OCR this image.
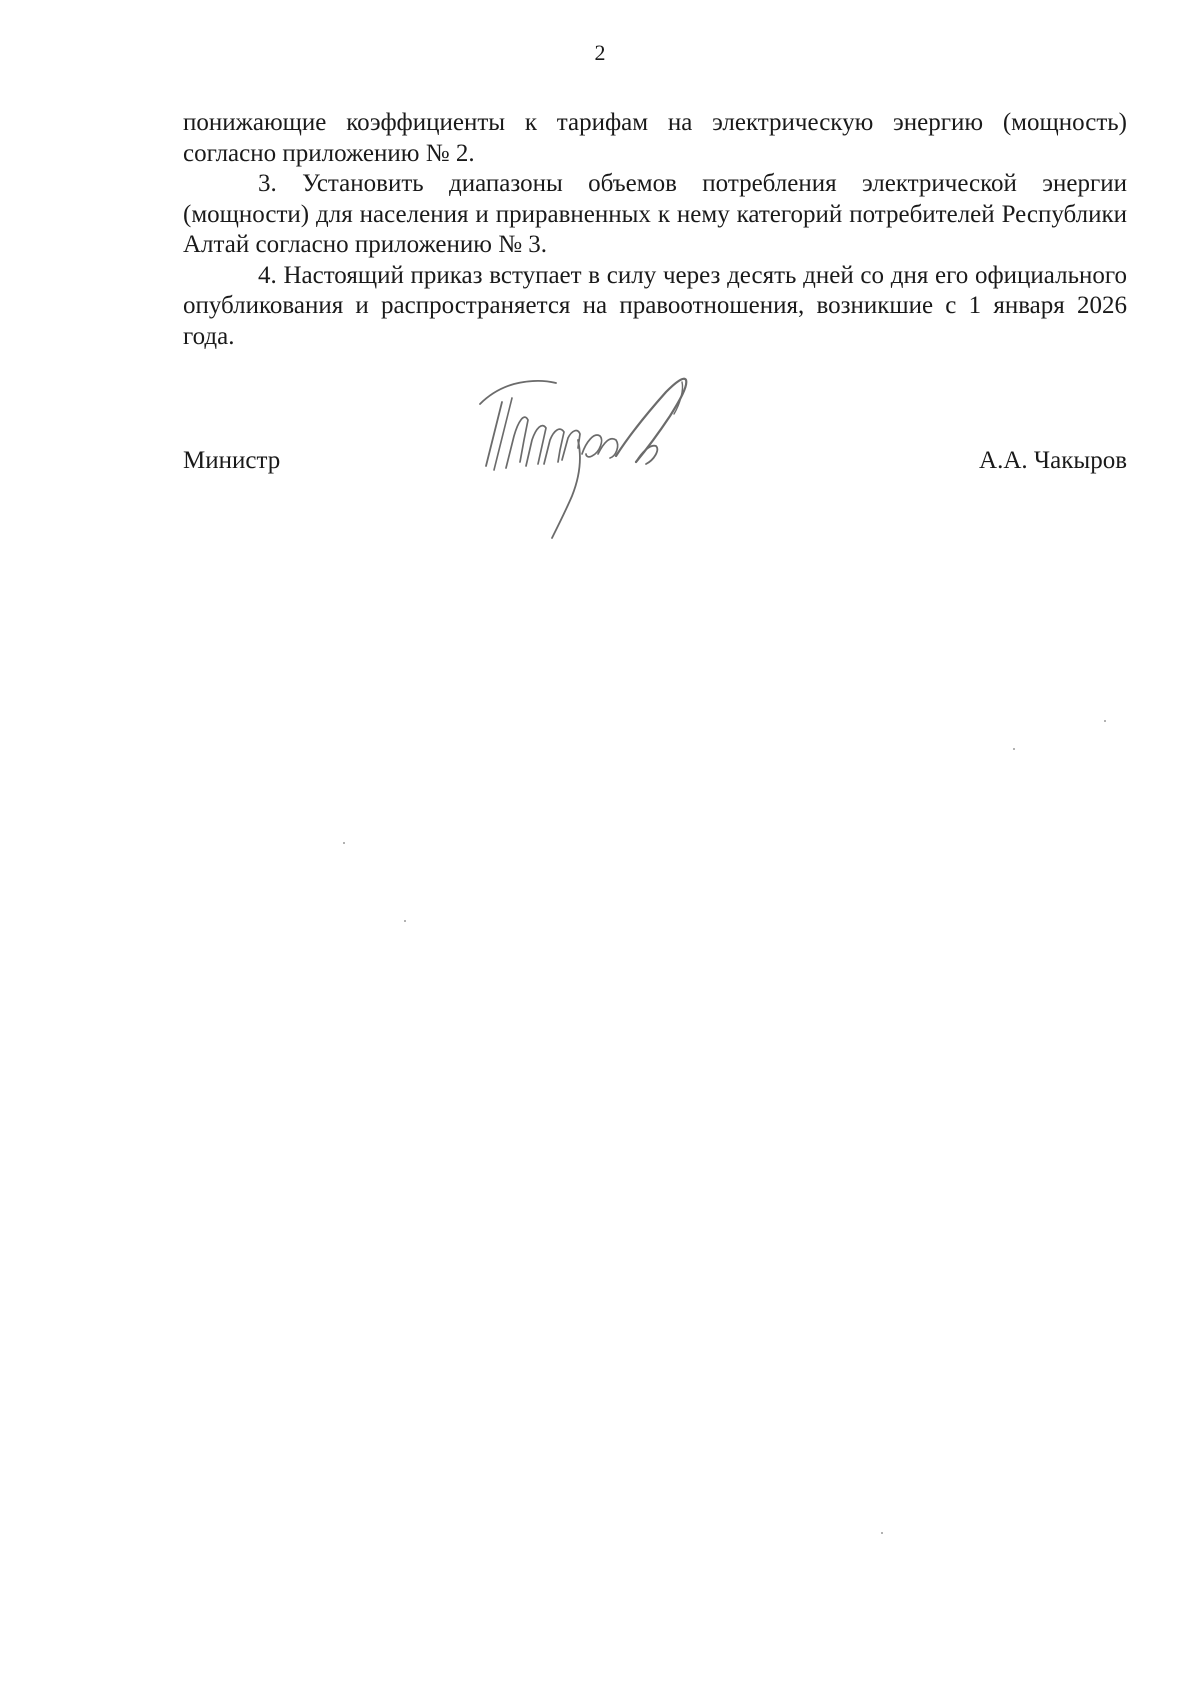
2

понижающие коэффициенты к тарифам на электрическую энергию (мощность) согласно приложению № 2.

3. Установить диапазоны объемов потребления электрической энергии (мощности) для населения и приравненных к нему категорий потребителей Республики Алтай согласно приложению № 3.

4. Настоящий приказ вступает в силу через десять дней со дня его официального опубликования и распространяется на правоотношения, возникшие с 1 января 2026 года.

Министр	А.А. Чакыров
